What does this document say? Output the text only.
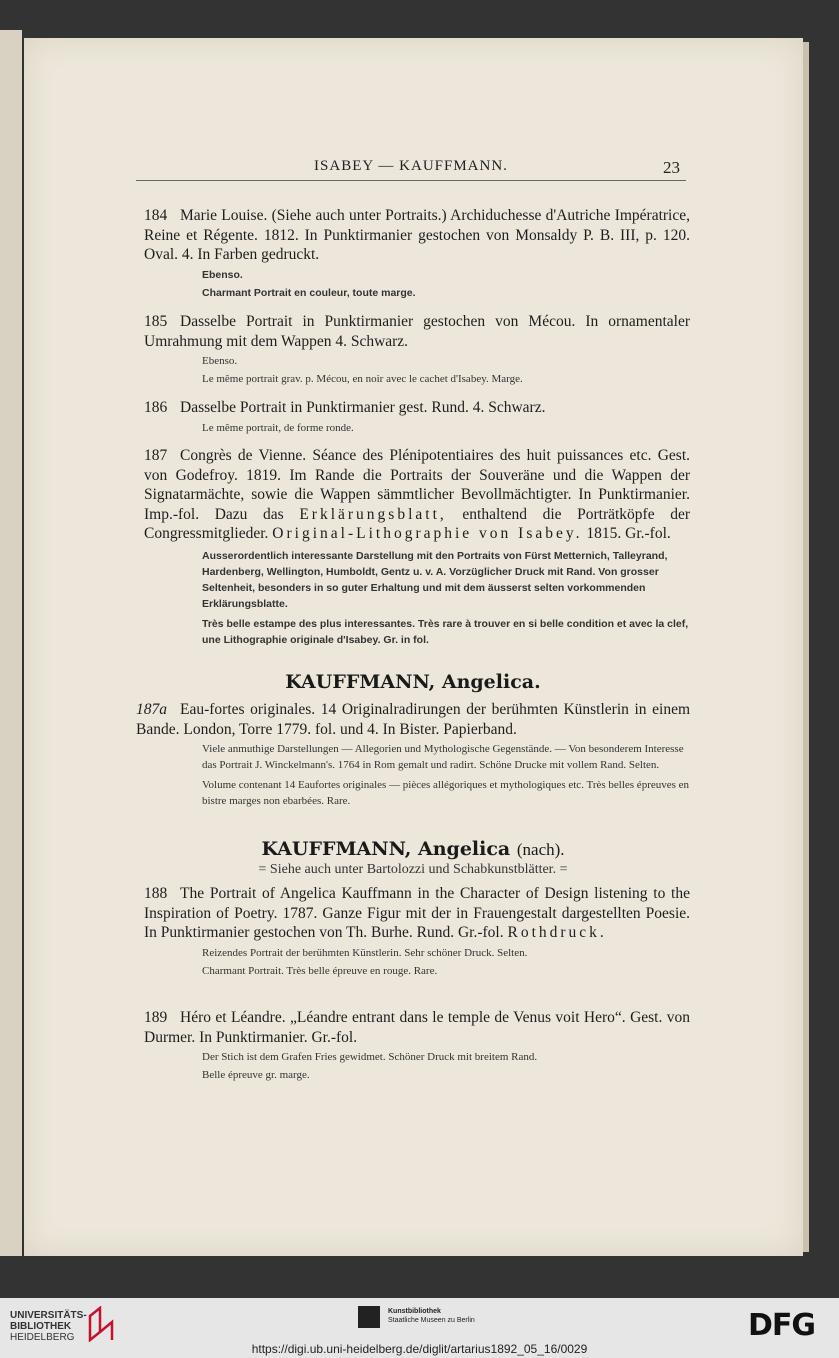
ISABEY — KAUFFMANN.	23

184 Marie Louise. (Siehe auch unter Portraits.) Archiduchesse d'Autriche Impératrice, Reine et Régente. 1812. In Punktirmanier gestochen von Monsaldy P. B. III, p. 120. Oval. 4. In Farben gedruckt.

Ebenso.
Charmant Portrait en couleur, toute marge.

185 Dasselbe Portrait in Punktirmanier gestochen von Mécou. In ornamentaler Umrahmung mit dem Wappen 4. Schwarz.

Ebenso.
Le même portrait grav. p. Mécou, en noir avec le cachet d'Isabey. Marge.

186 Dasselbe Portrait in Punktirmanier gest. Rund. 4. Schwarz.

Le même portrait, de forme ronde.

187 Congrès de Vienne. Séance des Plénipotentiaires des huit puissances etc. Gest. von Godefroy. 1819. Im Rande die Portraits der Souveräne und die Wappen der Signatarmächte, sowie die Wappen sämmtlicher Bevollmächtigter. In Punktirmanier. Imp.-fol. Dazu das Erklärungsblatt, enthaltend die Porträtköpfe der Congressmitglieder. Original-Lithographie von Isabey. 1815. Gr.-fol.

Ausserordentlich interessante Darstellung mit den Portraits von Fürst Metternich, Talleyrand, Hardenberg, Wellington, Humboldt, Gentz u. v. A. Vorzüglicher Druck mit Rand. Von grosser Seltenheit, besonders in so guter Erhaltung und mit dem äusserst selten vorkommenden Erklärungsblatte.
Très belle estampe des plus interessantes. Très rare à trouver en si belle condition et avec la clef, une Lithographie originale d'Isabey. Gr. in fol.
KAUFFMANN, Angelica.

187a Eau-fortes originales. 14 Originalradirungen der berühmten Künstlerin in einem Bande. London, Torre 1779. fol. und 4. In Bister. Papierband.

Viele anmuthige Darstellungen — Allegorien und Mythologische Gegenstände. — Von besonderem Interesse das Portrait J. Winckelmann's. 1764 in Rom gemalt und radirt. Schöne Drucke mit vollem Rand. Selten.
Volume contenant 14 Eaufortes originales — pièces allégoriques et mythologiques etc. Très belles épreuves en bistre marges non ebarbées. Rare.
KAUFFMANN, Angelica (nach).
= Siehe auch unter Bartolozzi und Schabkunstblätter. =

188 The Portrait of Angelica Kauffmann in the Character of Design listening to the Inspiration of Poetry. 1787. Ganze Figur mit der in Frauengestalt dargestellten Poesie. In Punktirmanier gestochen von Th. Burhe. Rund. Gr.-fol. Rothdruck.

Reizendes Portrait der berühmten Künstlerin. Sehr schöner Druck. Selten.
Charmant Portrait. Très belle épreuve en rouge. Rare.

189 Héro et Léandre. „Léandre entrant dans le temple de Venus voit Hero“. Gest. von Durmer. In Punktirmanier. Gr.-fol.

Der Stich ist dem Grafen Fries gewidmet. Schöner Druck mit breitem Rand.
Belle épreuve gr. marge.
UNIVERSITÄTS-
BIBLIOTHEK
HEIDELBERG
Kunstbibliothek
Staatliche Museen zu Berlin	DFG
https://digi.ub.uni-heidelberg.de/diglit/artarius1892_05_16/0029
